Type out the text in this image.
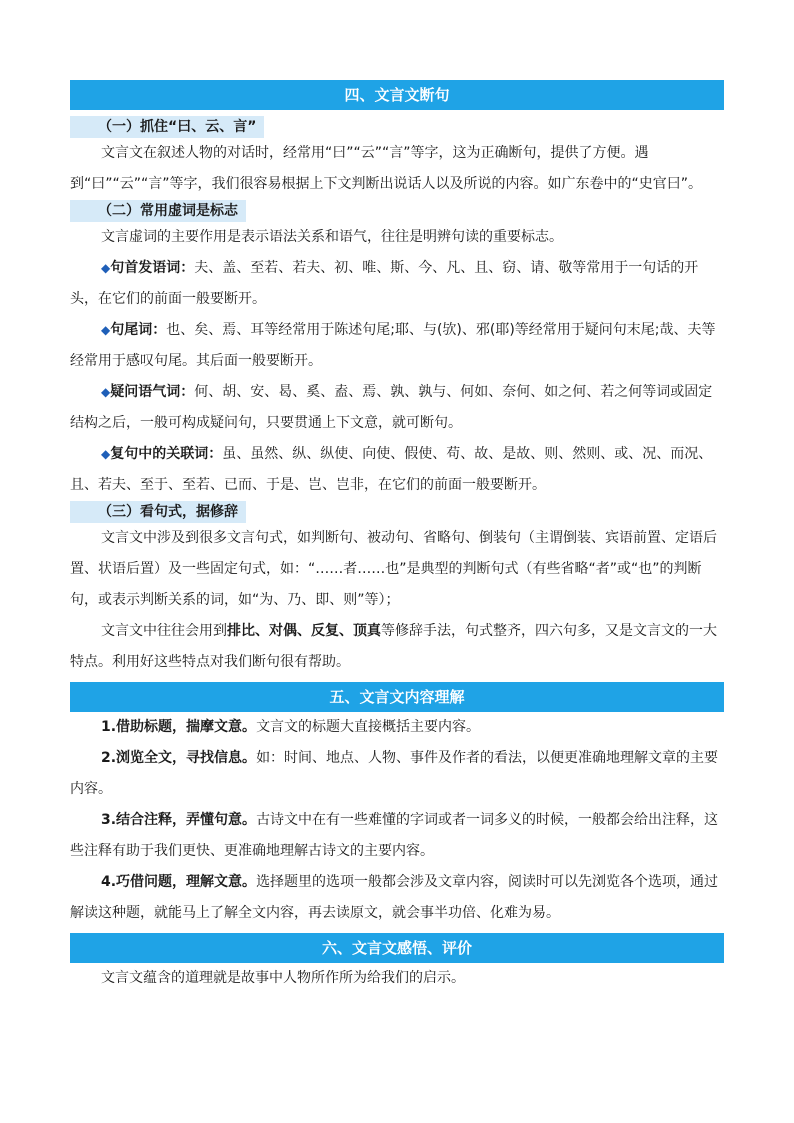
四、文言文断句
（一）抓住“曰、云、言”

文言文在叙述人物的对话时，经常用“曰”“云”“言”等字，这为正确断句，提供了方便。遇到“曰”“云”“言”等字，我们很容易根据上下文判断出说话人以及所说的内容。如广东卷中的“史官曰”。

（二）常用虚词是标志

文言虚词的主要作用是表示语法关系和语气，往往是明辨句读的重要标志。

◆句首发语词：夫、盖、至若、若夫、初、唯、斯、今、凡、且、窃、请、敬等常用于一句话的开头，在它们的前面一般要断开。

◆句尾词：也、矣、焉、耳等经常用于陈述句尾;耶、与(欤)、邪(耶)等经常用于疑问句末尾;哉、夫等经常用于感叹句尾。其后面一般要断开。

◆疑问语气词：何、胡、安、曷、奚、盍、焉、孰、孰与、何如、奈何、如之何、若之何等词或固定结构之后，一般可构成疑问句，只要贯通上下文意，就可断句。

◆复句中的关联词：虽、虽然、纵、纵使、向使、假使、苟、故、是故、则、然则、或、况、而况、且、若夫、至于、至若、已而、于是、岂、岂非，在它们的前面一般要断开。

（三）看句式，据修辞

文言文中涉及到很多文言句式，如判断句、被动句、省略句、倒装句（主谓倒装、宾语前置、定语后置、状语后置）及一些固定句式，如：“……者……也”是典型的判断句式（有些省略“者”或“也”的判断句，或表示判断关系的词，如“为、乃、即、则”等）；

文言文中往往会用到排比、对偶、反复、顶真等修辞手法，句式整齐，四六句多，又是文言文的一大特点。利用好这些特点对我们断句很有帮助。

五、文言文内容理解

1.借助标题，揣摩文意。文言文的标题大直接概括主要内容。

2.浏览全文，寻找信息。如：时间、地点、人物、事件及作者的看法，以便更准确地理解文章的主要内容。

3.结合注释，弄懂句意。古诗文中在有一些难懂的字词或者一词多义的时候，一般都会给出注释，这些注释有助于我们更快、更准确地理解古诗文的主要内容。

4.巧借问题，理解文意。选择题里的选项一般都会涉及文章内容，阅读时可以先浏览各个选项，通过解读这种题，就能马上了解全文内容，再去读原文，就会事半功倍、化难为易。

六、文言文感悟、评价

文言文蕴含的道理就是故事中人物所作所为给我们的启示。
